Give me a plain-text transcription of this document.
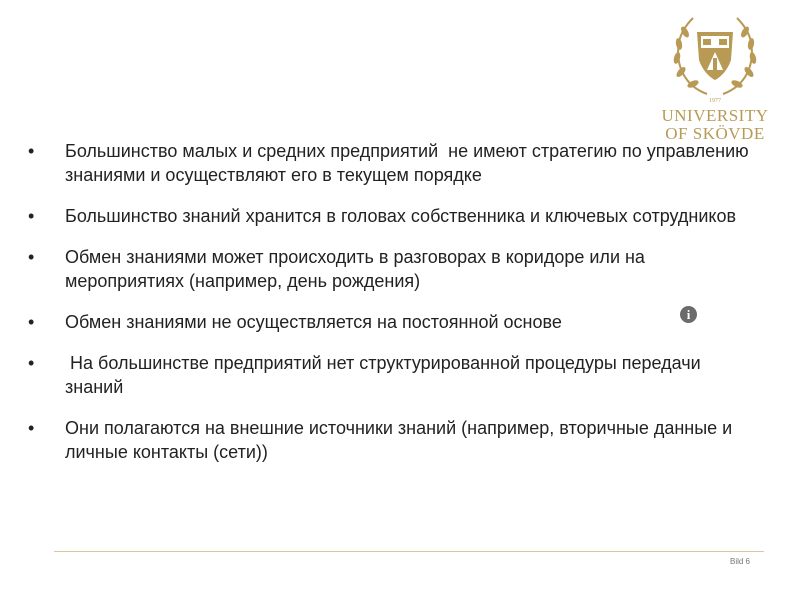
1977
UNIVERSITY
OF SKÖVDE
•	Большинство малых и средних предприятий  не имеют стратегию по управлению знаниями и осуществляют его в текущем порядке
•	Большинство знаний хранится в головах собственника и ключевых сотрудников
•	Обмен знаниями может происходить в разговорах в коридоре или на мероприятиях (например, день рождения)
•	Обмен знаниями не осуществляется на постоянной основе
•	На большинстве предприятий нет структурированной процедуры передачи знаний
•	Они полагаются на внешние источники знаний (например, вторичные данные и личные контакты (сети))
i
Bild 6
